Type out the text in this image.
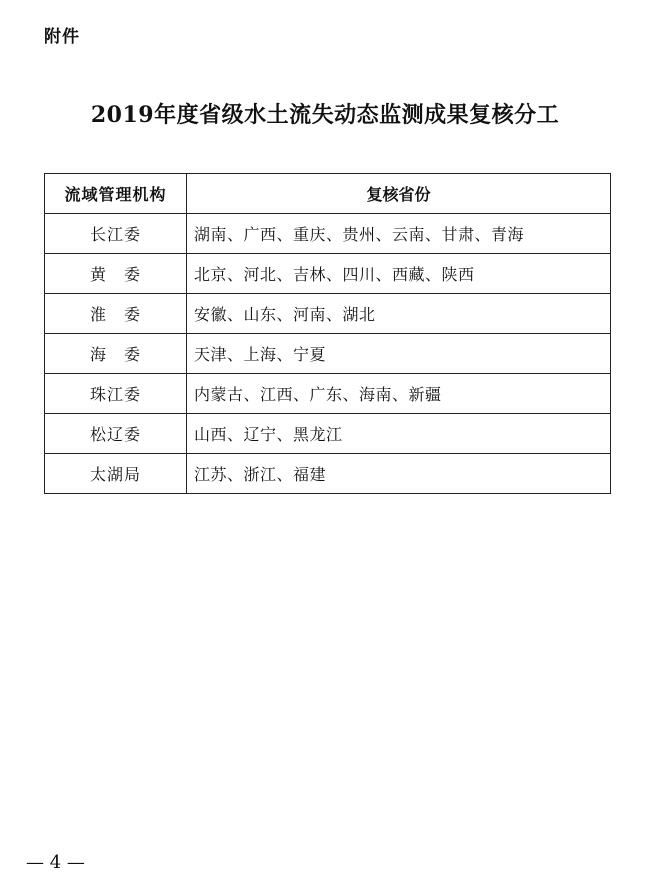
附件
2019年度省级水土流失动态监测成果复核分工
流域管理机构	复核省份
长江委	湖南、广西、重庆、贵州、云南、甘肃、青海
黄　委	北京、河北、吉林、四川、西藏、陕西
淮　委	安徽、山东、河南、湖北
海　委	天津、上海、宁夏
珠江委	内蒙古、江西、广东、海南、新疆
松辽委	山西、辽宁、黑龙江
太湖局	江苏、浙江、福建
— 4 —
